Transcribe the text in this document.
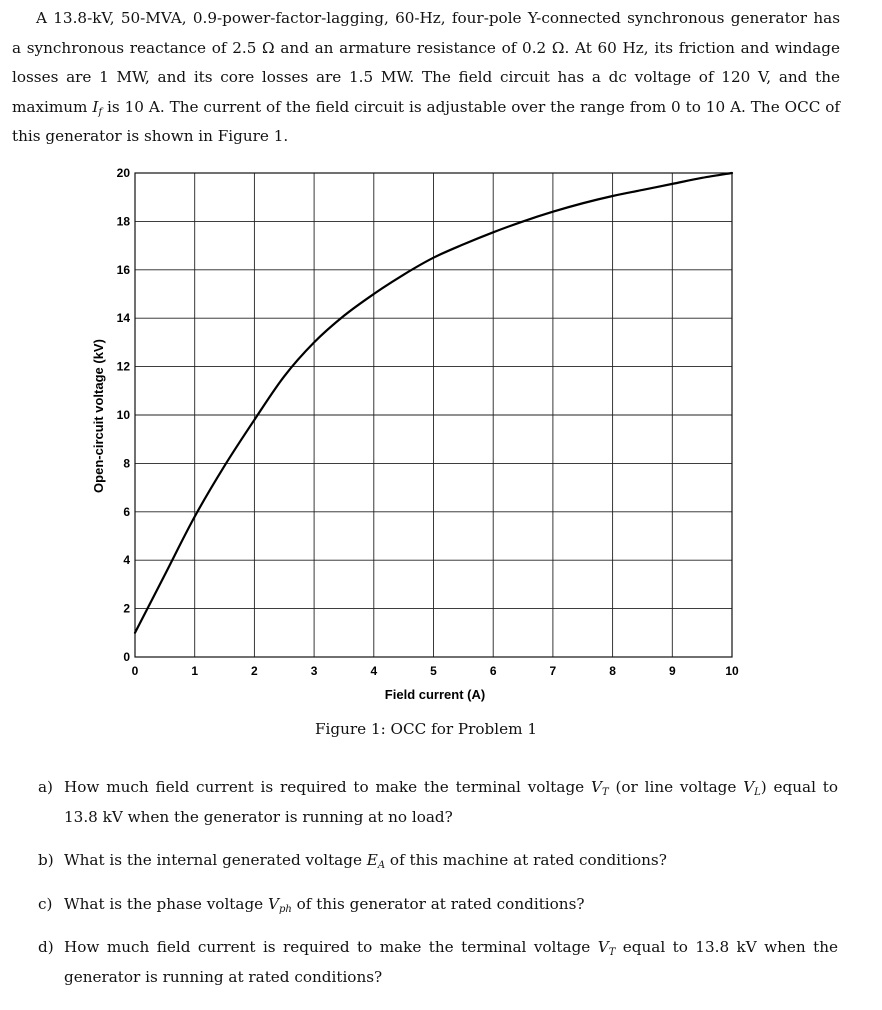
A 13.8-kV, 50-MVA, 0.9-power-factor-lagging, 60-Hz, four-pole Y-connected synchronous generator has a synchronous reactance of 2.5 Ω and an armature resistance of 0.2 Ω. At 60 Hz, its friction and windage losses are 1 MW, and its core losses are 1.5 MW. The field circuit has a dc voltage of 120 V, and the maximum $I_f$ is 10 A. The current of the field circuit is adjustable over the range from 0 to 10 A. The OCC of this generator is shown in Figure 1.
0	1	2	3	4	5	6	7	8	9	10
0
2
4
6
8
10
12
14
16
18
20
Field current (A)
Open-circuit voltage (kV)
Figure 1: OCC for Problem 1
a) How much field current is required to make the terminal voltage $V_T$ (or line voltage $V_L$) equal to 13.8 kV when the generator is running at no load?
b) What is the internal generated voltage $E_A$ of this machine at rated conditions?
c) What is the phase voltage $V_{ph}$ of this generator at rated conditions?
d) How much field current is required to make the terminal voltage $V_T$ equal to 13.8 kV when the generator is running at rated conditions?
